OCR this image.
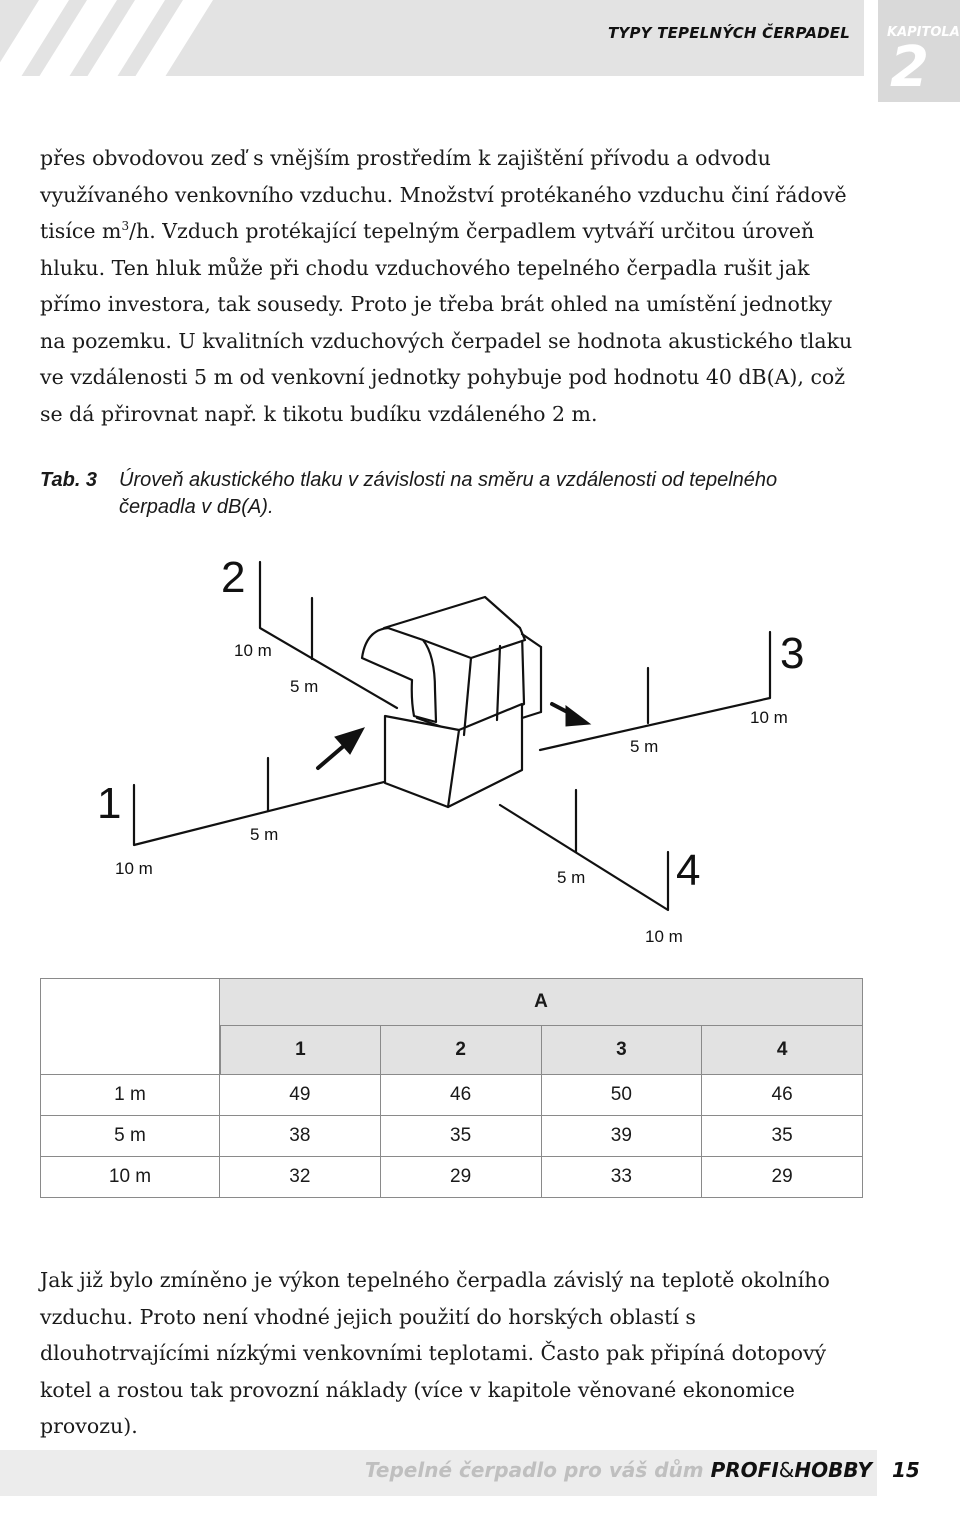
TYPY TEPELNÝCH ČERPADEL	KAPITOLA
2

přes obvodovou zeď s vnějším prostředím k zajištění přívodu a odvodu využívaného venkovního vzduchu. Množství protékaného vzduchu činí řádově tisíce $m^3/h$. Vzduch protékající tepelným čerpadlem vytváří určitou úroveň hluku. Ten hluk může při chodu vzduchového tepelného čerpadla rušit jak přímo investora, tak sousedy. Proto je třeba brát ohled na umístění jednotky na pozemku. U kvalitních vzduchových čerpadel se hodnota akustického tlaku ve vzdálenosti 5 m od venkovní jednotky pohybuje pod hodnotu 40 dB(A), což se dá přirovnat např. k tikotu budíku vzdáleného 2 m.

Tab. 3 Úroveň akustického tlaku v závislosti na směru a vzdálenosti od tepelného čerpadla v dB(A).
2
3
1
4
10 m
5 m
10 m
5 m
5 m
10 m	5 m
10 m
	A			
	1	2	3	4
1 m	49	46	50	46
5 m	38	35	39	35
10 m	32	29	33	29

Jak již bylo zmíněno je výkon tepelného čerpadla závislý na teplotě okolního vzduchu. Proto není vhodné jejich použití do horských oblastí s dlouhotrvajícími nízkými venkovními teplotami. Často pak připíná dotopový kotel a rostou tak provozní náklady (více v kapitole věnované ekonomice provozu).

Tepelné čerpadlo pro váš dům PROFI&HOBBY 15
